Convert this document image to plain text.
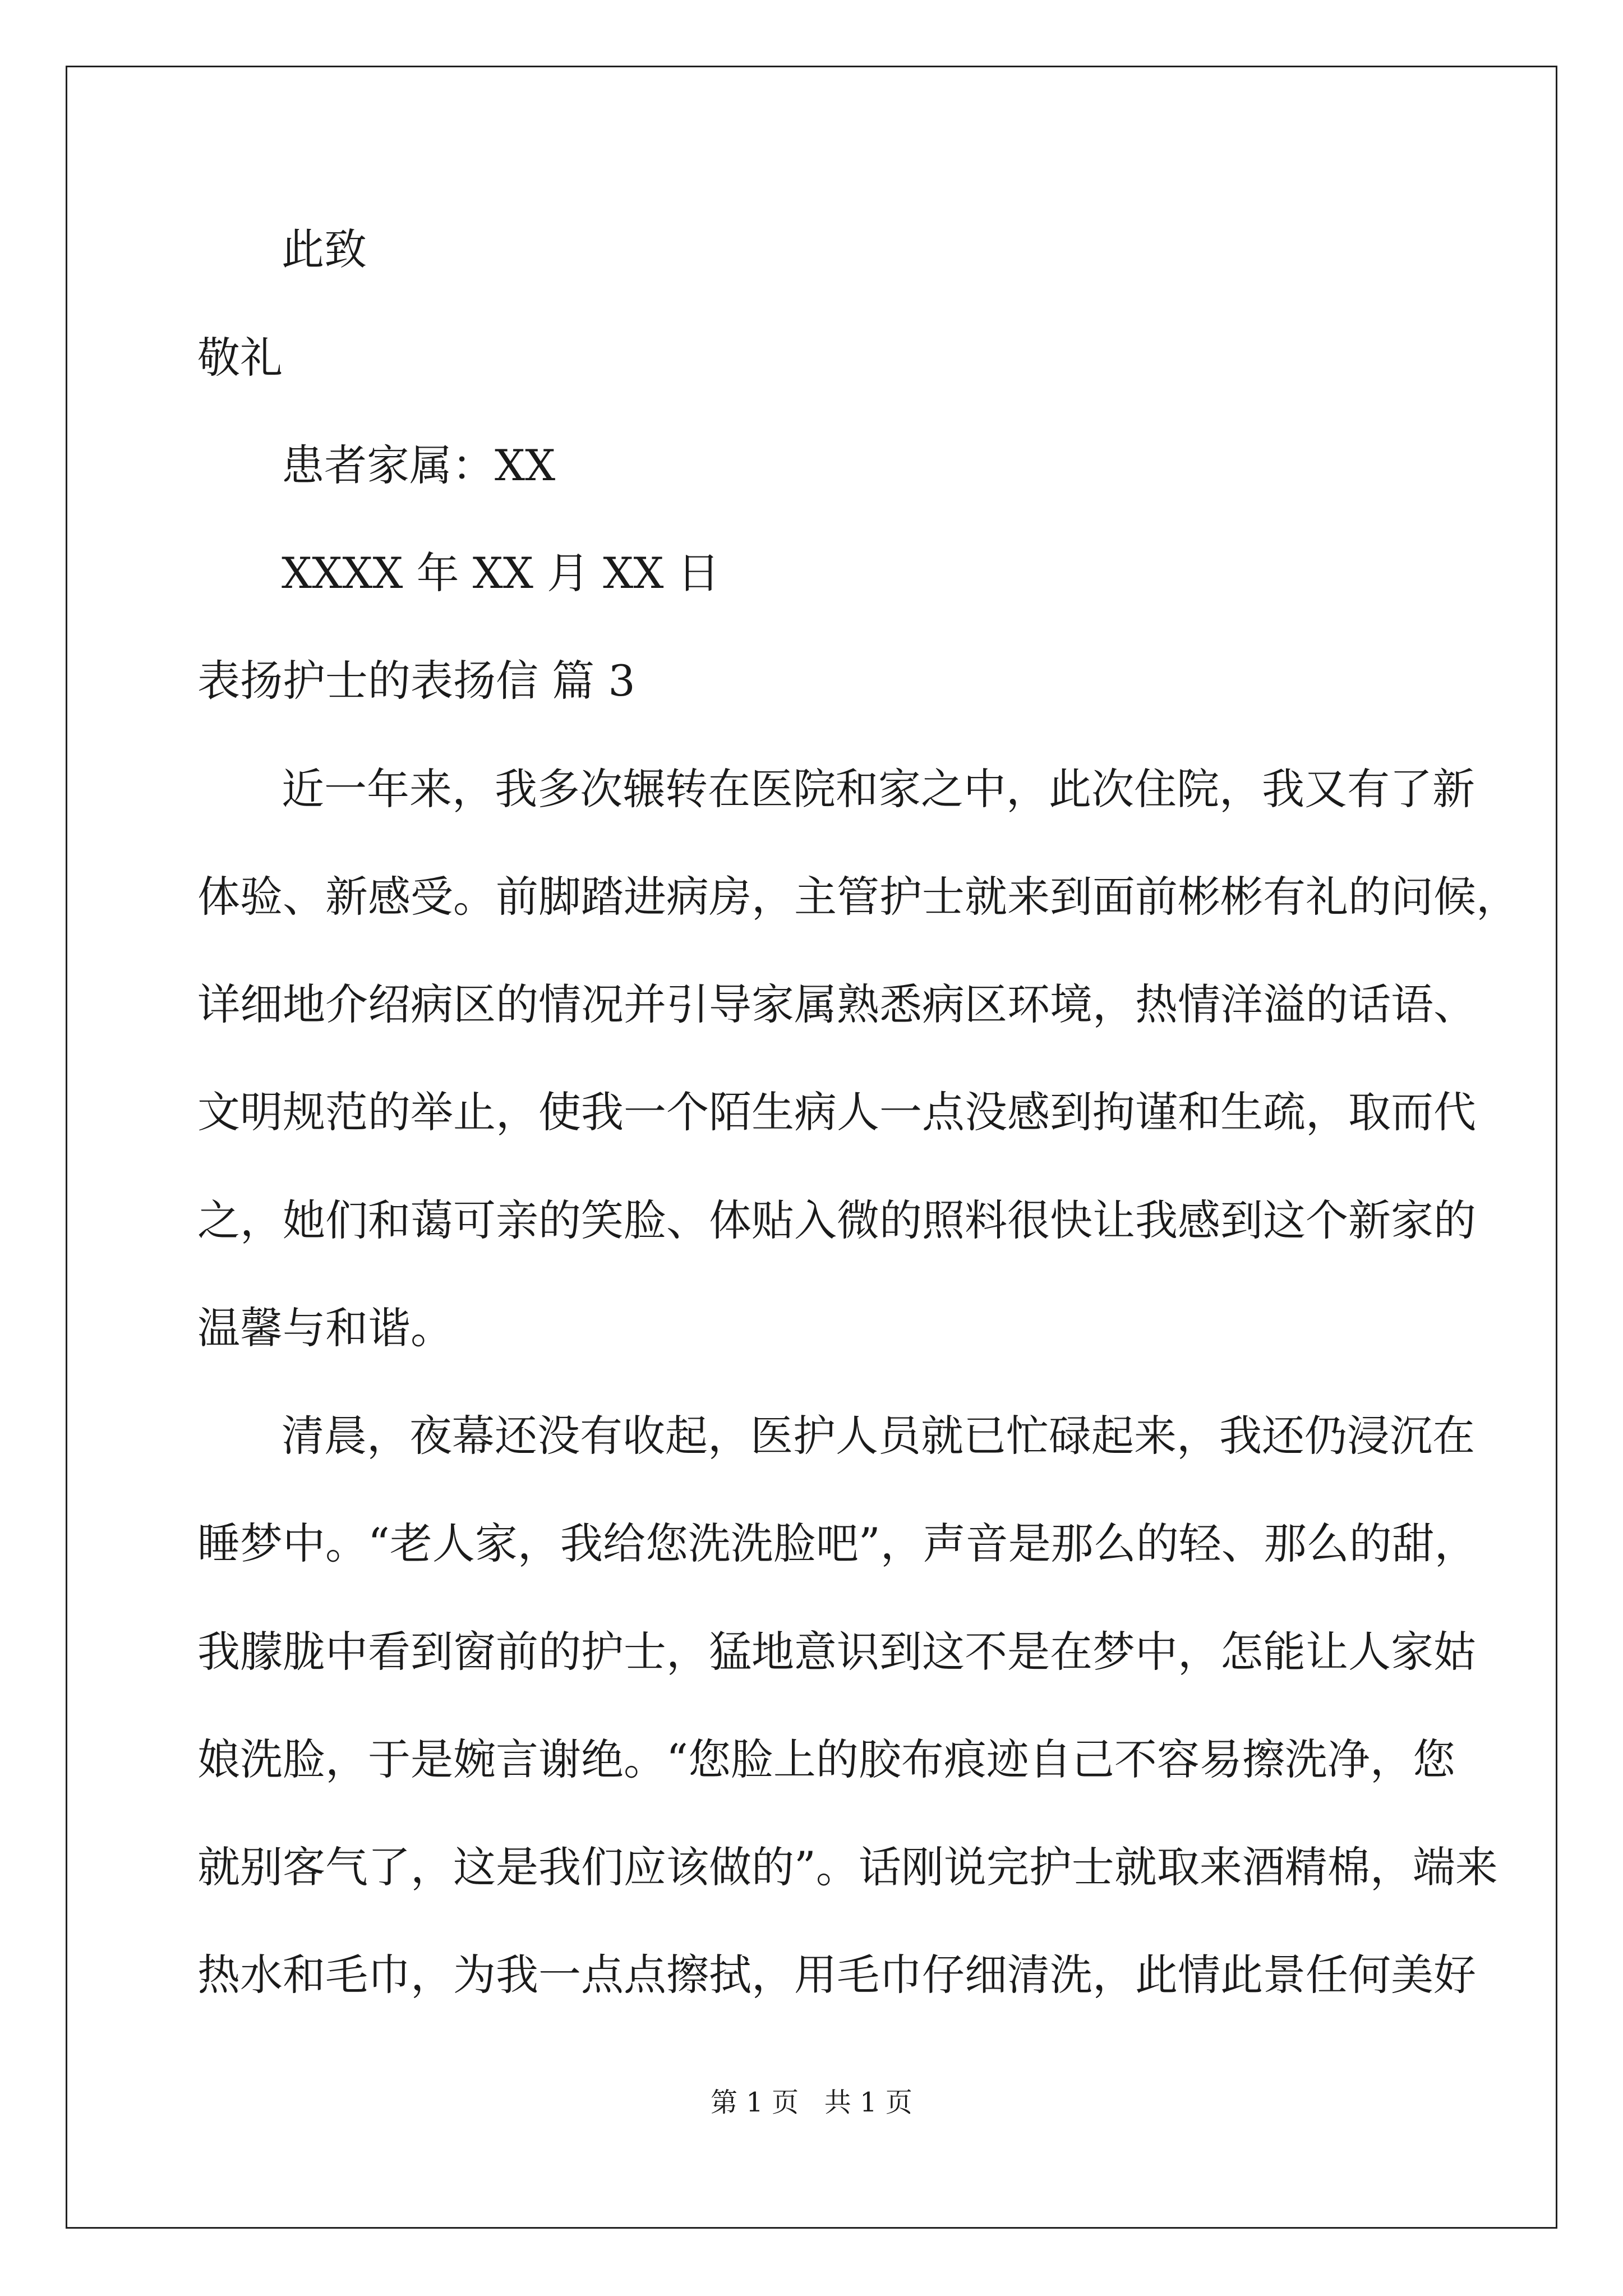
此致
敬礼
患者家属：XX
XXXX 年 XX 月 XX 日
表扬护士的表扬信 篇 3
近一年来，我多次辗转在医院和家之中，此次住院，我又有了新
体验、新感受。前脚踏进病房，主管护士就来到面前彬彬有礼的问候，
详细地介绍病区的情况并引导家属熟悉病区环境，热情洋溢的话语、
文明规范的举止，使我一个陌生病人一点没感到拘谨和生疏，取而代
之，她们和蔼可亲的笑脸、体贴入微的照料很快让我感到这个新家的
温馨与和谐。
清晨，夜幕还没有收起，医护人员就已忙碌起来，我还仍浸沉在
睡梦中。“老人家，我给您洗洗脸吧”，声音是那么的轻、那么的甜，
我朦胧中看到窗前的护士，猛地意识到这不是在梦中，怎能让人家姑
娘洗脸，于是婉言谢绝。“您脸上的胶布痕迹自己不容易擦洗净，您
就别客气了，这是我们应该做的”。话刚说完护士就取来酒精棉，端来
热水和毛巾，为我一点点擦拭，用毛巾仔细清洗，此情此景任何美好
第 1 页   共 1 页
